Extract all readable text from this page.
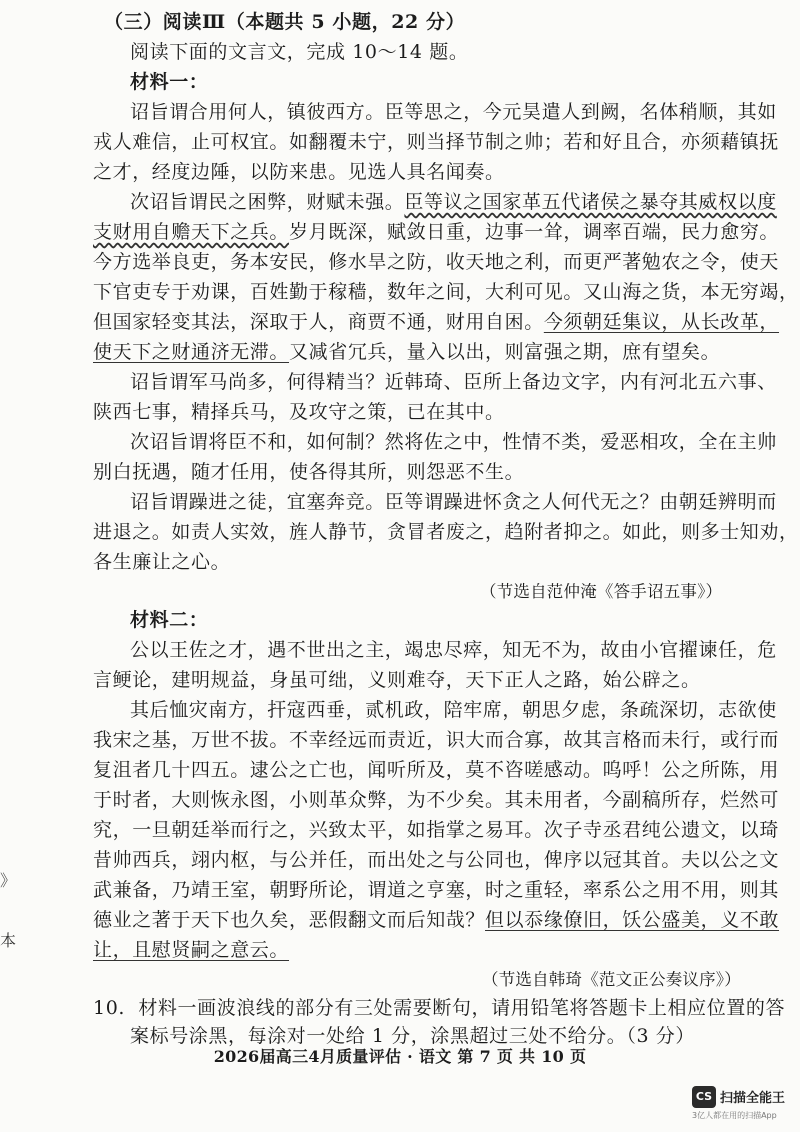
（三）阅读Ⅲ（本题共 5 小题，22 分）
阅读下面的文言文，完成 10～14 题。
材料一：
诏旨谓合用何人，镇彼西方。臣等思之，今元昊遣人到阙，名体稍顺，其如
戎人难信，止可权宜。如翻覆未宁，则当择节制之帅；若和好且合，亦须藉镇抚
之才，经度边陲，以防来患。见选人具名闻奏。
次诏旨谓民之困弊，财赋未强。臣等议之国家革五代诸侯之暴夺其威权以度
支财用自赡天下之兵。岁月既深，赋敛日重，边事一耸，调率百端，民力愈穷。
今方选举良吏，务本安民，修水旱之防，收天地之利，而更严著勉农之令，使天
下官吏专于劝课，百姓勤于稼穑，数年之间，大利可见。又山海之货，本无穷竭，
但国家轻变其法，深取于人，商贾不通，财用自困。今须朝廷集议，从长改革，
使天下之财通济无滞。又减省冗兵，量入以出，则富强之期，庶有望矣。
诏旨谓军马尚多，何得精当？近韩琦、臣所上备边文字，内有河北五六事、
陕西七事，精择兵马，及攻守之策，已在其中。
次诏旨谓将臣不和，如何制？然将佐之中，性情不类，爱恶相攻，全在主帅
别白抚遇，随才任用，使各得其所，则怨恶不生。
诏旨谓躁进之徒，宜塞奔竞。臣等谓躁进怀贪之人何代无之？由朝廷辨明而
进退之。如责人实效，旌人静节，贪冒者废之，趋附者抑之。如此，则多士知劝，
各生廉让之心。
（节选自范仲淹《答手诏五事》）
材料二：
公以王佐之才，遇不世出之主，竭忠尽瘁，知无不为，故由小官擢谏任，危
言鲠论，建明规益，身虽可绌，义则难夺，天下正人之路，始公辟之。
其后恤灾南方，扞寇西垂，贰机政，陪牢席，朝思夕虑，条疏深切，志欲使
我宋之基，万世不拔。不幸经远而责近，识大而合寡，故其言格而未行，或行而
复沮者几十四五。逮公之亡也，闻听所及，莫不咨嗟感动。呜呼！公之所陈，用
于时者，大则恢永图，小则革众弊，为不少矣。其未用者，今副稿所存，烂然可
究，一旦朝廷举而行之，兴致太平，如指掌之易耳。次子寺丞君纯公遗文，以琦
昔帅西兵，翊内枢，与公并任，而出处之与公同也，俾序以冠其首。夫以公之文
武兼备，乃靖王室，朝野所论，谓道之亨塞，时之重轻，率系公之用不用，则其
德业之著于天下也久矣，恶假翻文而后知哉？但以忝缘僚旧，饫公盛美，义不敢
让，且慰贤嗣之意云。
（节选自韩琦《范文正公奏议序》）
10. 材料一画波浪线的部分有三处需要断句，请用铅笔将答题卡上相应位置的答
案标号涂黑，每涂对一处给 1 分，涂黑超过三处不给分。（3 分）
2026届高三4月质量评估 · 语文 第 7 页 共 10 页
》
本
CS 扫描全能王
3亿人都在用的扫描App
